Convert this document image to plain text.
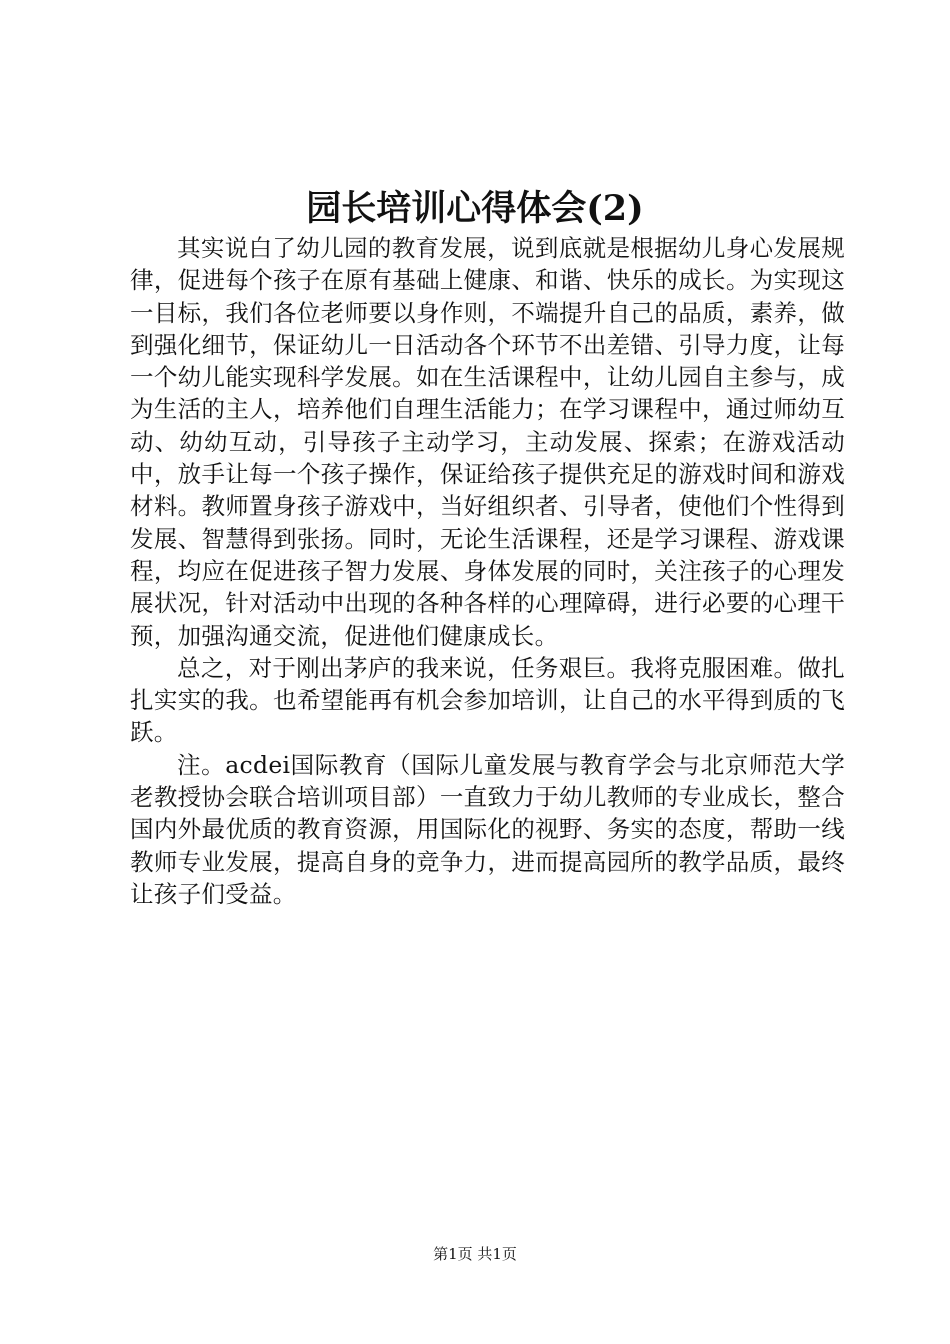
园长培训心得体会(2)

其实说白了幼儿园的教育发展，说到底就是根据幼儿身心发展规律，促进每个孩子在原有基础上健康、和谐、快乐的成长。为实现这一目标，我们各位老师要以身作则，不端提升自己的品质，素养，做到强化细节，保证幼儿一日活动各个环节不出差错、引导力度，让每一个幼儿能实现科学发展。如在生活课程中，让幼儿园自主参与，成为生活的主人，培养他们自理生活能力；在学习课程中，通过师幼互动、幼幼互动，引导孩子主动学习，主动发展、探索；在游戏活动中，放手让每一个孩子操作，保证给孩子提供充足的游戏时间和游戏材料。教师置身孩子游戏中，当好组织者、引导者，使他们个性得到发展、智慧得到张扬。同时，无论生活课程，还是学习课程、游戏课程，均应在促进孩子智力发展、身体发展的同时，关注孩子的心理发展状况，针对活动中出现的各种各样的心理障碍，进行必要的心理干预，加强沟通交流，促进他们健康成长。

总之，对于刚出茅庐的我来说，任务艰巨。我将克服困难。做扎扎实实的我。也希望能再有机会参加培训，让自己的水平得到质的飞跃。

注。acdei国际教育（国际儿童发展与教育学会与北京师范大学老教授协会联合培训项目部）一直致力于幼儿教师的专业成长，整合国内外最优质的教育资源，用国际化的视野、务实的态度，帮助一线教师专业发展，提高自身的竞争力，进而提高园所的教学品质，最终让孩子们受益。

第1页 共1页
